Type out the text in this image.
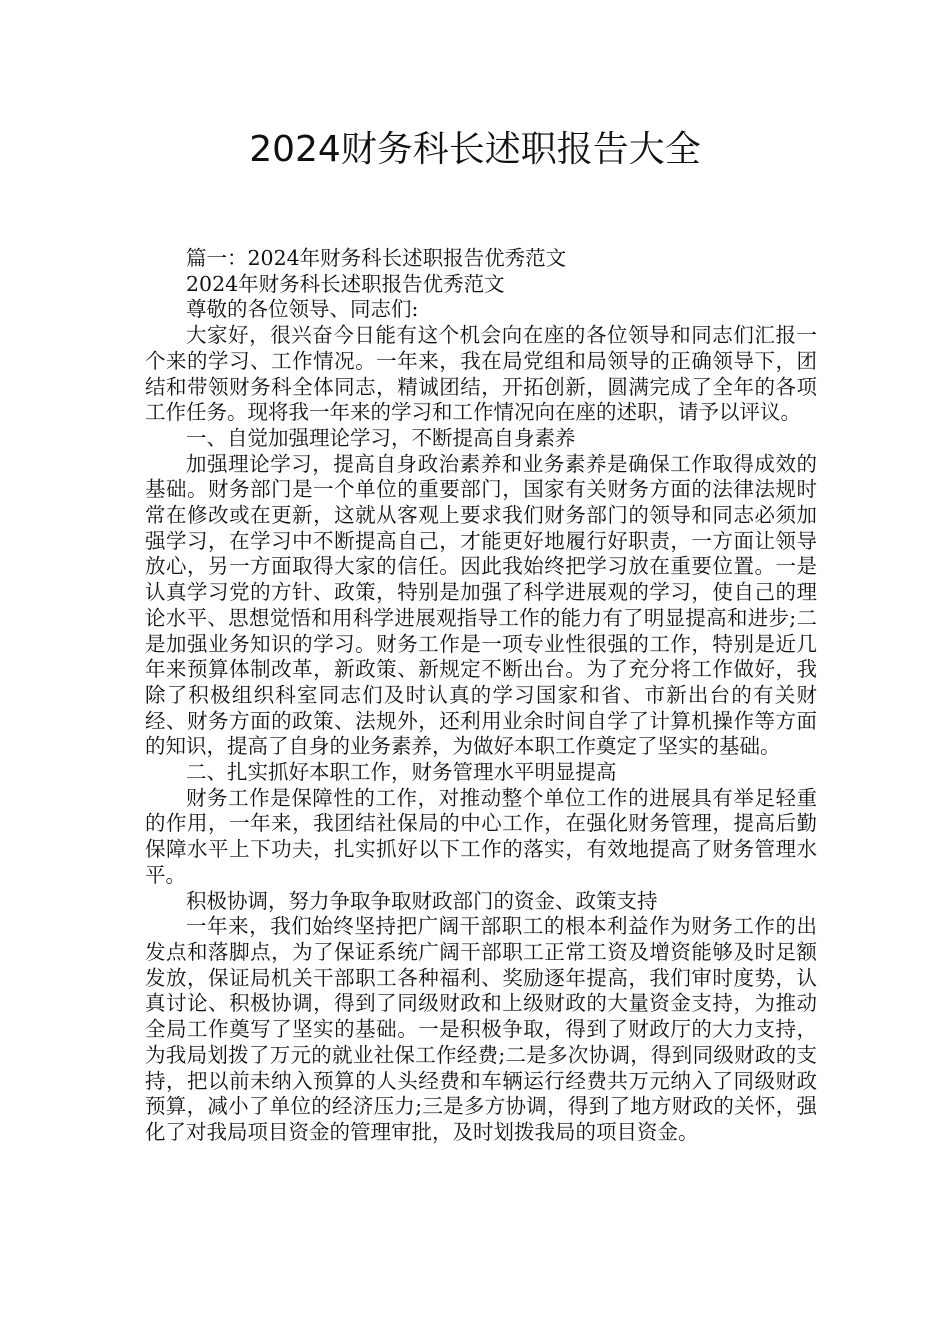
2024财务科长述职报告大全

篇一：2024年财务科长述职报告优秀范文

2024年财务科长述职报告优秀范文

尊敬的各位领导、同志们:

大家好，很兴奋今日能有这个机会向在座的各位领导和同志们汇报一个来的学习、工作情况。一年来，我在局党组和局领导的正确领导下，团结和带领财务科全体同志，精诚团结，开拓创新，圆满完成了全年的各项工作任务。现将我一年来的学习和工作情况向在座的述职，请予以评议。

一、自觉加强理论学习，不断提高自身素养

加强理论学习，提高自身政治素养和业务素养是确保工作取得成效的基础。财务部门是一个单位的重要部门，国家有关财务方面的法律法规时常在修改或在更新，这就从客观上要求我们财务部门的领导和同志必须加强学习，在学习中不断提高自己，才能更好地履行好职责，一方面让领导放心，另一方面取得大家的信任。因此我始终把学习放在重要位置。一是认真学习党的方针、政策，特别是加强了科学进展观的学习，使自己的理论水平、思想觉悟和用科学进展观指导工作的能力有了明显提高和进步;二是加强业务知识的学习。财务工作是一项专业性很强的工作，特别是近几年来预算体制改革，新政策、新规定不断出台。为了充分将工作做好，我除了积极组织科室同志们及时认真的学习国家和省、市新出台的有关财经、财务方面的政策、法规外，还利用业余时间自学了计算机操作等方面的知识，提高了自身的业务素养，为做好本职工作奠定了坚实的基础。

二、扎实抓好本职工作，财务管理水平明显提高

财务工作是保障性的工作，对推动整个单位工作的进展具有举足轻重的作用，一年来，我团结社保局的中心工作，在强化财务管理，提高后勤保障水平上下功夫，扎实抓好以下工作的落实，有效地提高了财务管理水平。

积极协调，努力争取争取财政部门的资金、政策支持

一年来，我们始终坚持把广阔干部职工的根本利益作为财务工作的出发点和落脚点，为了保证系统广阔干部职工正常工资及增资能够及时足额发放，保证局机关干部职工各种福利、奖励逐年提高，我们审时度势，认真讨论、积极协调，得到了同级财政和上级财政的大量资金支持，为推动全局工作奠写了坚实的基础。一是积极争取，得到了财政厅的大力支持，为我局划拨了万元的就业社保工作经费;二是多次协调，得到同级财政的支持，把以前未纳入预算的人头经费和车辆运行经费共万元纳入了同级财政预算，减小了单位的经济压力;三是多方协调，得到了地方财政的关怀，强化了对我局项目资金的管理审批，及时划拨我局的项目资金。
